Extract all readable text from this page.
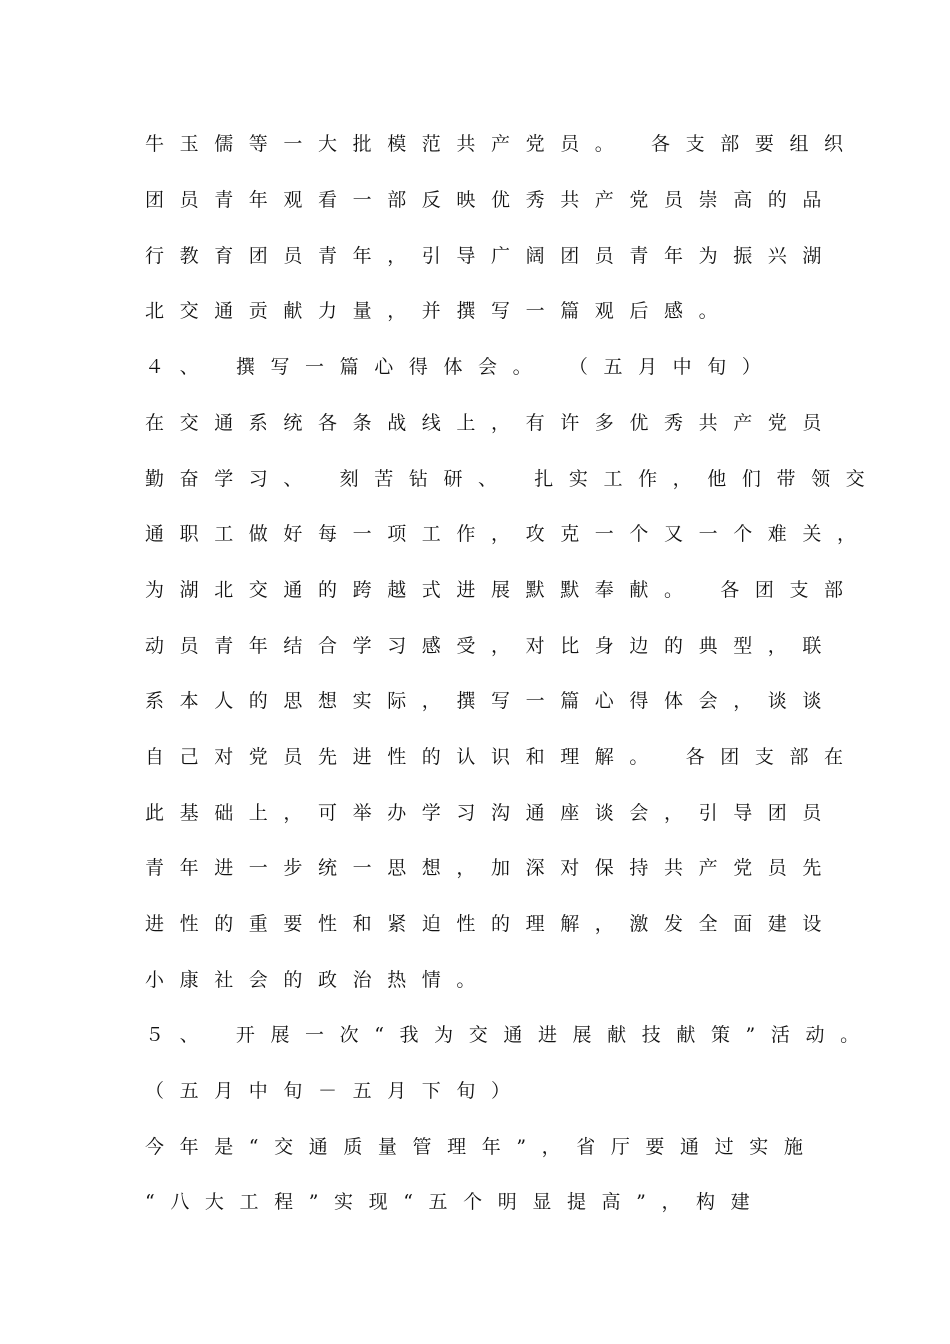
牛玉儒等一大批模范共产党员。 各支部要组织
团员青年观看一部反映优秀共产党员崇高的品
行教育团员青年，引导广阔团员青年为振兴湖
北交通贡献力量，并撰写一篇观后感。
４、 撰写一篇心得体会。 （五月中旬）
在交通系统各条战线上，有许多优秀共产党员
勤奋学习、 刻苦钻研、 扎实工作，他们带领交
通职工做好每一项工作，攻克一个又一个难关，
为湖北交通的跨越式进展默默奉献。 各团支部
动员青年结合学习感受，对比身边的典型，联
系本人的思想实际，撰写一篇心得体会，谈谈
自己对党员先进性的认识和理解。 各团支部在
此基础上，可举办学习沟通座谈会，引导团员
青年进一步统一思想，加深对保持共产党员先
进性的重要性和紧迫性的理解，激发全面建设
小康社会的政治热情。
５、 开展一次“我为交通进展献技献策”活动。
（五月中旬－五月下旬）
今年是“交通质量管理年”，省厅要通过实施
“八大工程”实现“五个明显提高”，构建
